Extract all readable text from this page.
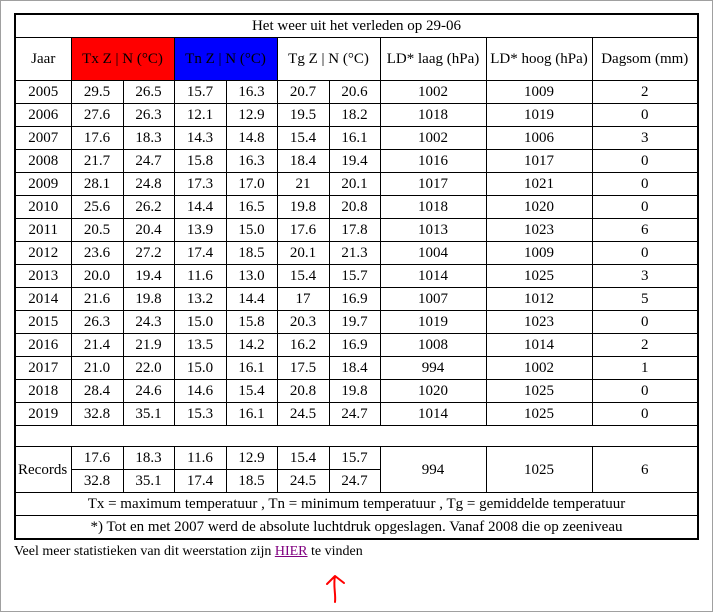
Het weer uit het verleden op 29-06									
Jaar	Tx Z | N (°C)		Tn Z | N (°C)		Tg Z | N (°C)		LD* laag (hPa)	LD* hoog (hPa)	Dagsom (mm)
2005	29.5	26.5	15.7	16.3	20.7	20.6	1002	1009	2
2006	27.6	26.3	12.1	12.9	19.5	18.2	1018	1019	0
2007	17.6	18.3	14.3	14.8	15.4	16.1	1002	1006	3
2008	21.7	24.7	15.8	16.3	18.4	19.4	1016	1017	0
2009	28.1	24.8	17.3	17.0	21	20.1	1017	1021	0
2010	25.6	26.2	14.4	16.5	19.8	20.8	1018	1020	0
2011	20.5	20.4	13.9	15.0	17.6	17.8	1013	1023	6
2012	23.6	27.2	17.4	18.5	20.1	21.3	1004	1009	0
2013	20.0	19.4	11.6	13.0	15.4	15.7	1014	1025	3
2014	21.6	19.8	13.2	14.4	17	16.9	1007	1012	5
2015	26.3	24.3	15.0	15.8	20.3	19.7	1019	1023	0
2016	21.4	21.9	13.5	14.2	16.2	16.9	1008	1014	2
2017	21.0	22.0	15.0	16.1	17.5	18.4	994	1002	1
2018	28.4	24.6	14.6	15.4	20.8	19.8	1020	1025	0
2019	32.8	35.1	15.3	16.1	24.5	24.7	1014	1025	0

Records	17.6	18.3	11.6	12.9	15.4	15.7	994	1025	6
	32.8	35.1	17.4	18.5	24.5	24.7			
Tx = maximum temperatuur , Tn = minimum temperatuur , Tg = gemiddelde temperatuur									
*) Tot en met 2007 werd de absolute luchtdruk opgeslagen. Vanaf 2008 die op zeeniveau									
Veel meer statistieken van dit weerstation zijn HIER te vinden
